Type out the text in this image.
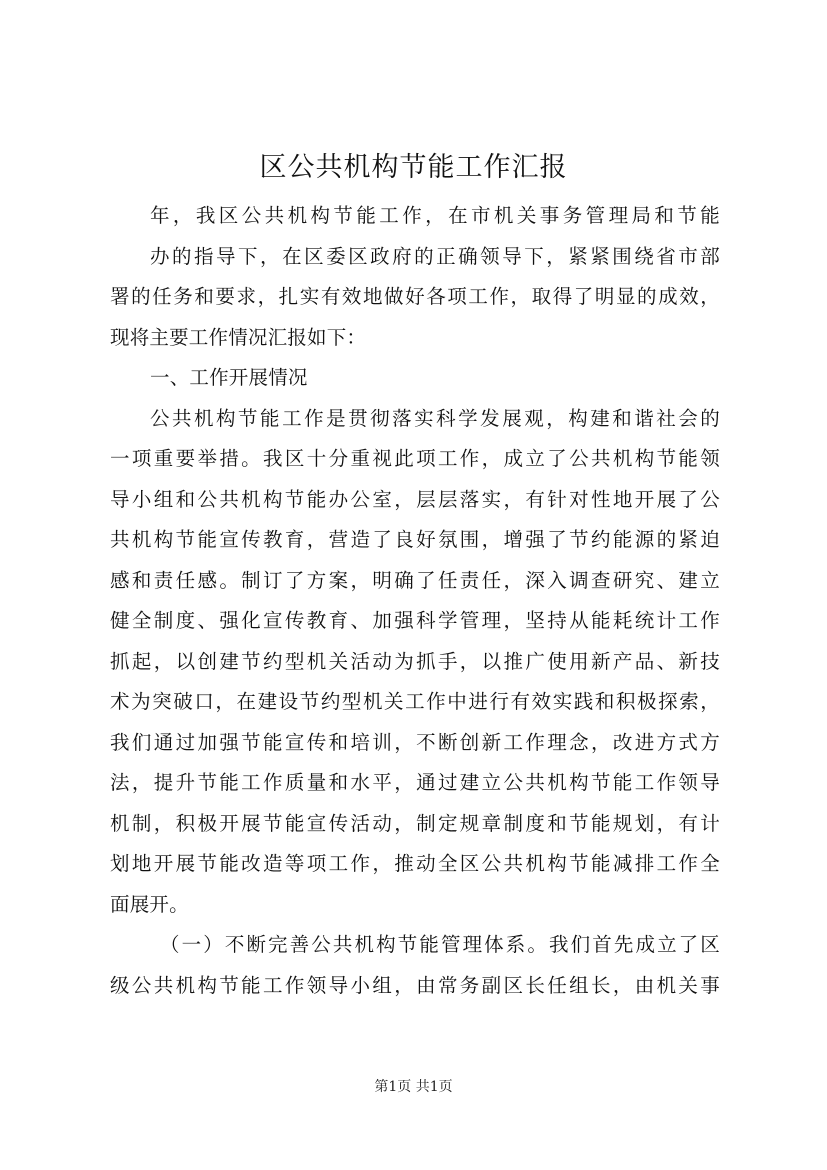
区公共机构节能工作汇报
年，我区公共机构节能工作，在市机关事务管理局和节能
办的指导下，在区委区政府的正确领导下，紧紧围绕省市部
署的任务和要求，扎实有效地做好各项工作，取得了明显的成效，
现将主要工作情况汇报如下：
一、工作开展情况
公共机构节能工作是贯彻落实科学发展观，构建和谐社会的
一项重要举措。我区十分重视此项工作，成立了公共机构节能领
导小组和公共机构节能办公室，层层落实，有针对性地开展了公
共机构节能宣传教育，营造了良好氛围，增强了节约能源的紧迫
感和责任感。制订了方案，明确了任责任，深入调查研究、建立
健全制度、强化宣传教育、加强科学管理，坚持从能耗统计工作
抓起，以创建节约型机关活动为抓手，以推广使用新产品、新技
术为突破口，在建设节约型机关工作中进行有效实践和积极探索，
我们通过加强节能宣传和培训，不断创新工作理念，改进方式方
法，提升节能工作质量和水平，通过建立公共机构节能工作领导
机制，积极开展节能宣传活动，制定规章制度和节能规划，有计
划地开展节能改造等项工作，推动全区公共机构节能减排工作全
面展开。
（一）不断完善公共机构节能管理体系。我们首先成立了区
级公共机构节能工作领导小组，由常务副区长任组长，由机关事
第1页 共1页
